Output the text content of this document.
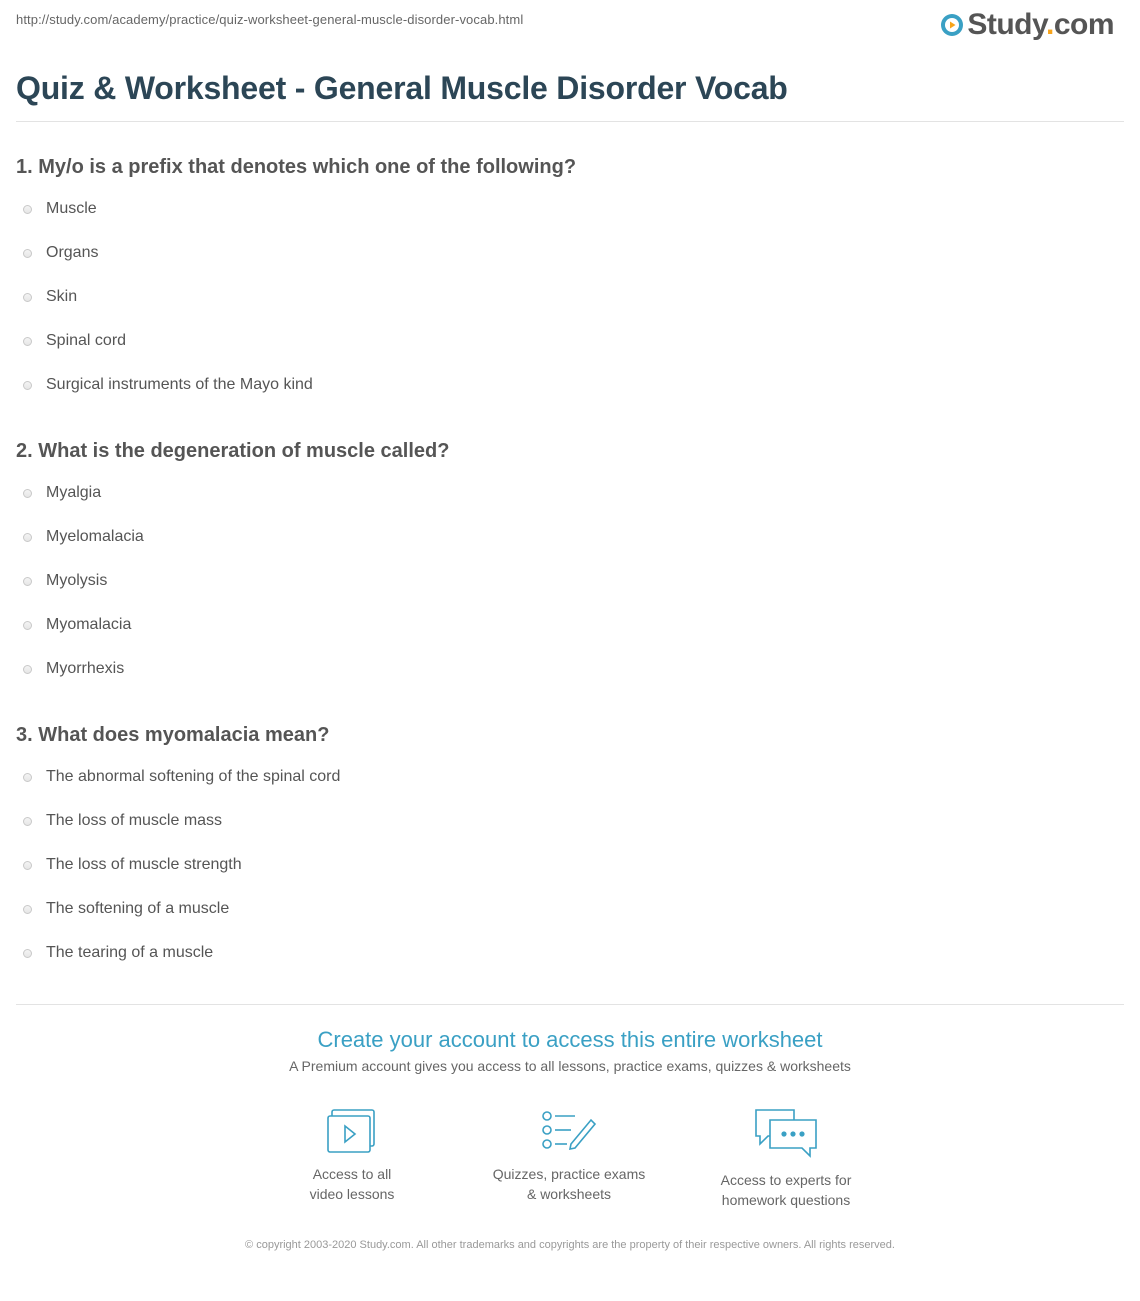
http://study.com/academy/practice/quiz-worksheet-general-muscle-disorder-vocab.html	Study.com
Quiz & Worksheet - General Muscle Disorder Vocab
1. My/o is a prefix that denotes which one of the following?
Muscle
Organs
Skin
Spinal cord
Surgical instruments of the Mayo kind
2. What is the degeneration of muscle called?
Myalgia
Myelomalacia
Myolysis
Myomalacia
Myorrhexis
3. What does myomalacia mean?
The abnormal softening of the spinal cord
The loss of muscle mass
The loss of muscle strength
The softening of a muscle
The tearing of a muscle
Create your account to access this entire worksheet
A Premium account gives you access to all lessons, practice exams, quizzes & worksheets
Access to all
video lessons
Quizzes, practice exams
& worksheets
Access to experts for
homework questions
© copyright 2003-2020 Study.com. All other trademarks and copyrights are the property of their respective owners. All rights reserved.
